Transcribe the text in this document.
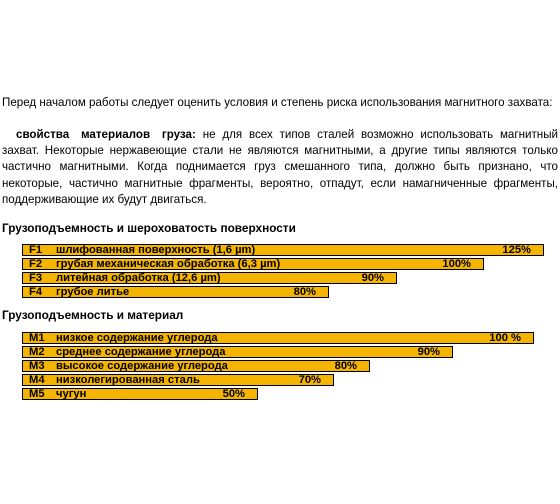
Перед началом работы следует оценить условия и степень риска использования магнитного захвата:
свойства материалов груза: не для всех типов сталей возможно использовать магнитный захват. Некоторые нержавеющие стали не являются магнитными, а другие типы являются только частично магнитными. Когда поднимается груз смешанного типа, должно быть признано, что некоторые, частично магнитные фрагменты, вероятно, отпадут, если намагниченные фрагменты, поддерживающие их будут двигаться.
Грузоподъемность и шероховатость поверхности
F1 шлифованная поверхность (1,6 µm)	125%
F2 грубая механическая обработка (6,3 µm)	100%
F3 литейная обработка (12,6 µm)	90%
F4 грубое литье	80%
Грузоподъемность и материал
M1 низкое содержание углерода	100 %
M2 среднее содержание углерода	90%
M3 высокое содержание углерода	80%
M4 низколегированная сталь	70%
M5 чугун	50%
